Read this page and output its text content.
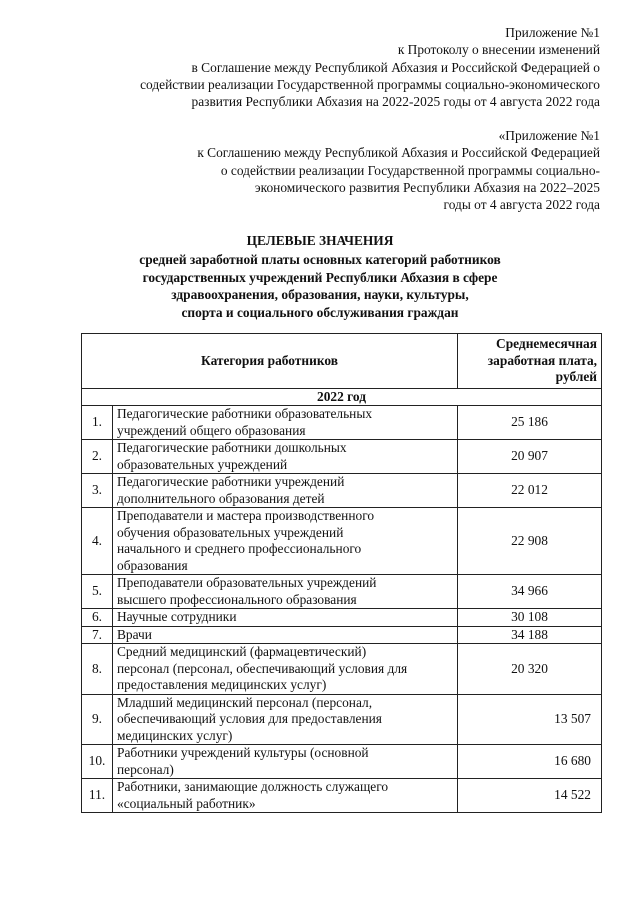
Приложение №1
к Протоколу о внесении изменений
в Соглашение между Республикой Абхазия и Российской Федерацией о
содействии реализации Государственной программы социально-экономического
развития Республики Абхазия на 2022-2025 годы от 4 августа 2022 года
«Приложение №1
к Соглашению между Республикой Абхазия и Российской Федерацией
о содействии реализации Государственной программы социально-
экономического развития Республики Абхазия на 2022–2025
годы от 4 августа 2022 года
ЦЕЛЕВЫЕ ЗНАЧЕНИЯ
средней заработной платы основных категорий работников
государственных учреждений Республики Абхазия в сфере
здравоохранения, образования, науки, культуры,
спорта и социального обслуживания граждан
Категория работников		Среднемесячная
заработная плата,
рублей

2022 год		
1.	Педагогические работники образовательных
учреждений общего образования	25 186
2.	Педагогические работники дошкольных
образовательных учреждений	20 907
3.	Педагогические работники учреждений
дополнительного образования детей	22 012
4.	Преподаватели и мастера производственного
обучения образовательных учреждений
начального и среднего профессионального
образования	22 908
5.	Преподаватели образовательных учреждений
высшего профессионального образования	34 966
6.	Научные сотрудники	30 108
7.	Врачи	34 188
8.	Средний медицинский (фармацевтический)
персонал (персонал, обеспечивающий условия для
предоставления медицинских услуг)	20 320
9.	Младший медицинский персонал (персонал,
обеспечивающий условия для предоставления
медицинских услуг)	13 507
10.	Работники учреждений культуры (основной
персонал)	16 680
11.	Работники, занимающие должность служащего
«социальный работник»	14 522
